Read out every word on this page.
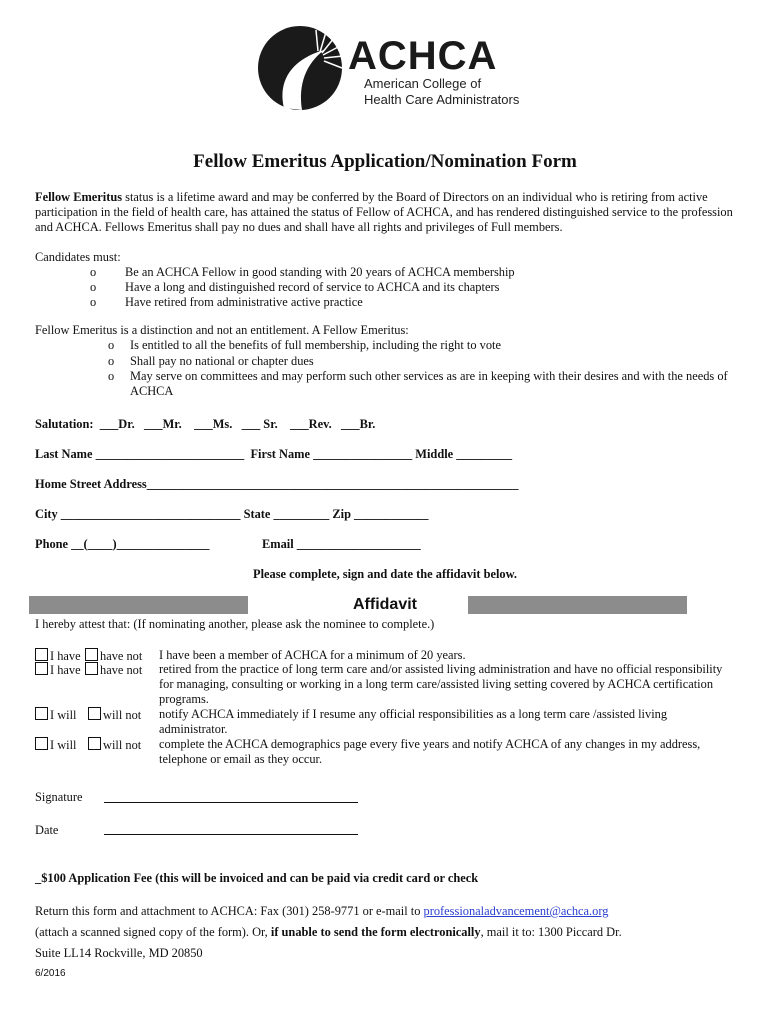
ACHCA
American College of
Health Care Administrators
Fellow Emeritus Application/Nomination Form
Fellow Emeritus status is a lifetime award and may be conferred by the Board of Directors on an individual who is retiring from active participation in the field of health care, has attained the status of Fellow of ACHCA, and has rendered distinguished service to the profession and ACHCA. Fellows Emeritus shall pay no dues and shall have all rights and privileges of Full members.
Candidates must:
o Be an ACHCA Fellow in good standing with 20 years of ACHCA membership
o Have a long and distinguished record of service to ACHCA and its chapters
o Have retired from administrative active practice
Fellow Emeritus is a distinction and not an entitlement. A Fellow Emeritus:
o Is entitled to all the benefits of full membership, including the right to vote
o Shall pay no national or chapter dues
o May serve on committees and may perform such other services as are in keeping with their desires and with the needs of ACHCA
Salutation:  ___Dr.   ___Mr.    ___Ms.   ___ Sr.    ___Rev.   ___Br.
Last Name ________________________  First Name ________________ Middle _________
Home Street Address____________________________________________________________
City _____________________________ State _________ Zip ____________
Phone __(____)_______________	Email ____________________
Please complete, sign and date the affidavit below.
Affidavit
I hereby attest that: (If nominating another, please ask the nominee to complete.)
I have	have not I have been a member of ACHCA for a minimum of 20 years.
I have	have not retired from the practice of long term care and/or assisted living administration and have no official responsibility for managing, consulting or working in a long term care/assisted living setting covered by ACHCA certification programs.
I will	will not notify ACHCA immediately if I resume any official responsibilities as a long term care /assisted living administrator.
I will	will not complete the ACHCA demographics page every five years and notify ACHCA of any changes in my address, telephone or email as they occur.
Signature
Date
_$100 Application Fee (this will be invoiced and can be paid via credit card or check
Return this form and attachment to ACHCA: Fax (301) 258-9771 or e-mail to professionaladvancement@achca.org
(attach a scanned signed copy of the form). Or, if unable to send the form electronically, mail it to: 1300 Piccard Dr.
Suite LL14 Rockville, MD 20850
6/2016
